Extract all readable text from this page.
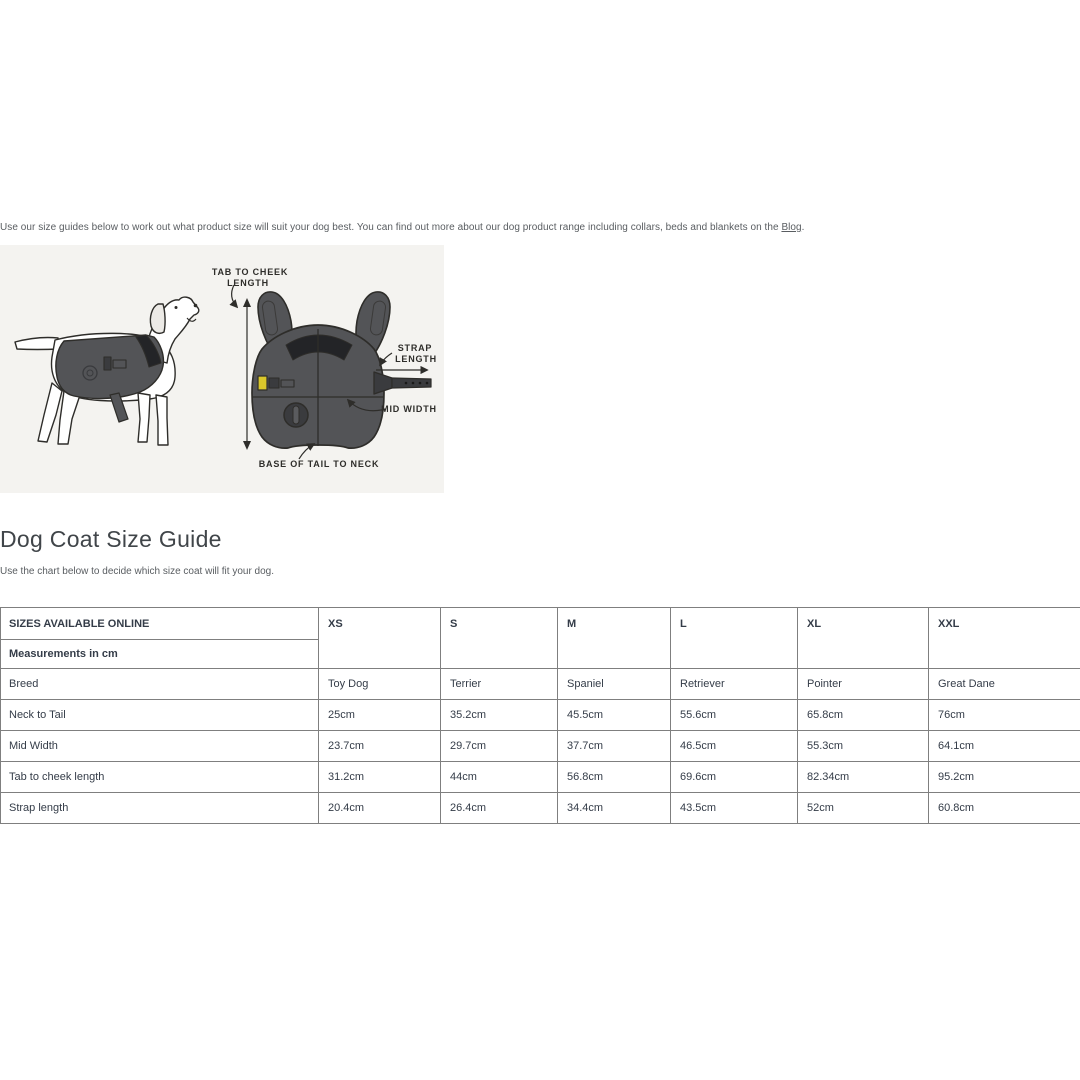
Use our size guides below to work out what product size will suit your dog best. You can find out more about our dog product range including collars, beds and blankets on the Blog.

TAB TO CHEEK
LENGTH
STRAP
LENGTH
MID WIDTH
BASE OF TAIL TO NECK
Dog Coat Size Guide

Use the chart below to decide which size coat will fit your dog.

SIZES AVAILABLE ONLINE	XS	S	M	L	XL	XXL
Measurements in cm						
Breed	Toy Dog	Terrier	Spaniel	Retriever	Pointer	Great Dane
Neck to Tail	25cm	35.2cm	45.5cm	55.6cm	65.8cm	76cm
Mid Width	23.7cm	29.7cm	37.7cm	46.5cm	55.3cm	64.1cm
Tab to cheek length	31.2cm	44cm	56.8cm	69.6cm	82.34cm	95.2cm
Strap length	20.4cm	26.4cm	34.4cm	43.5cm	52cm	60.8cm
